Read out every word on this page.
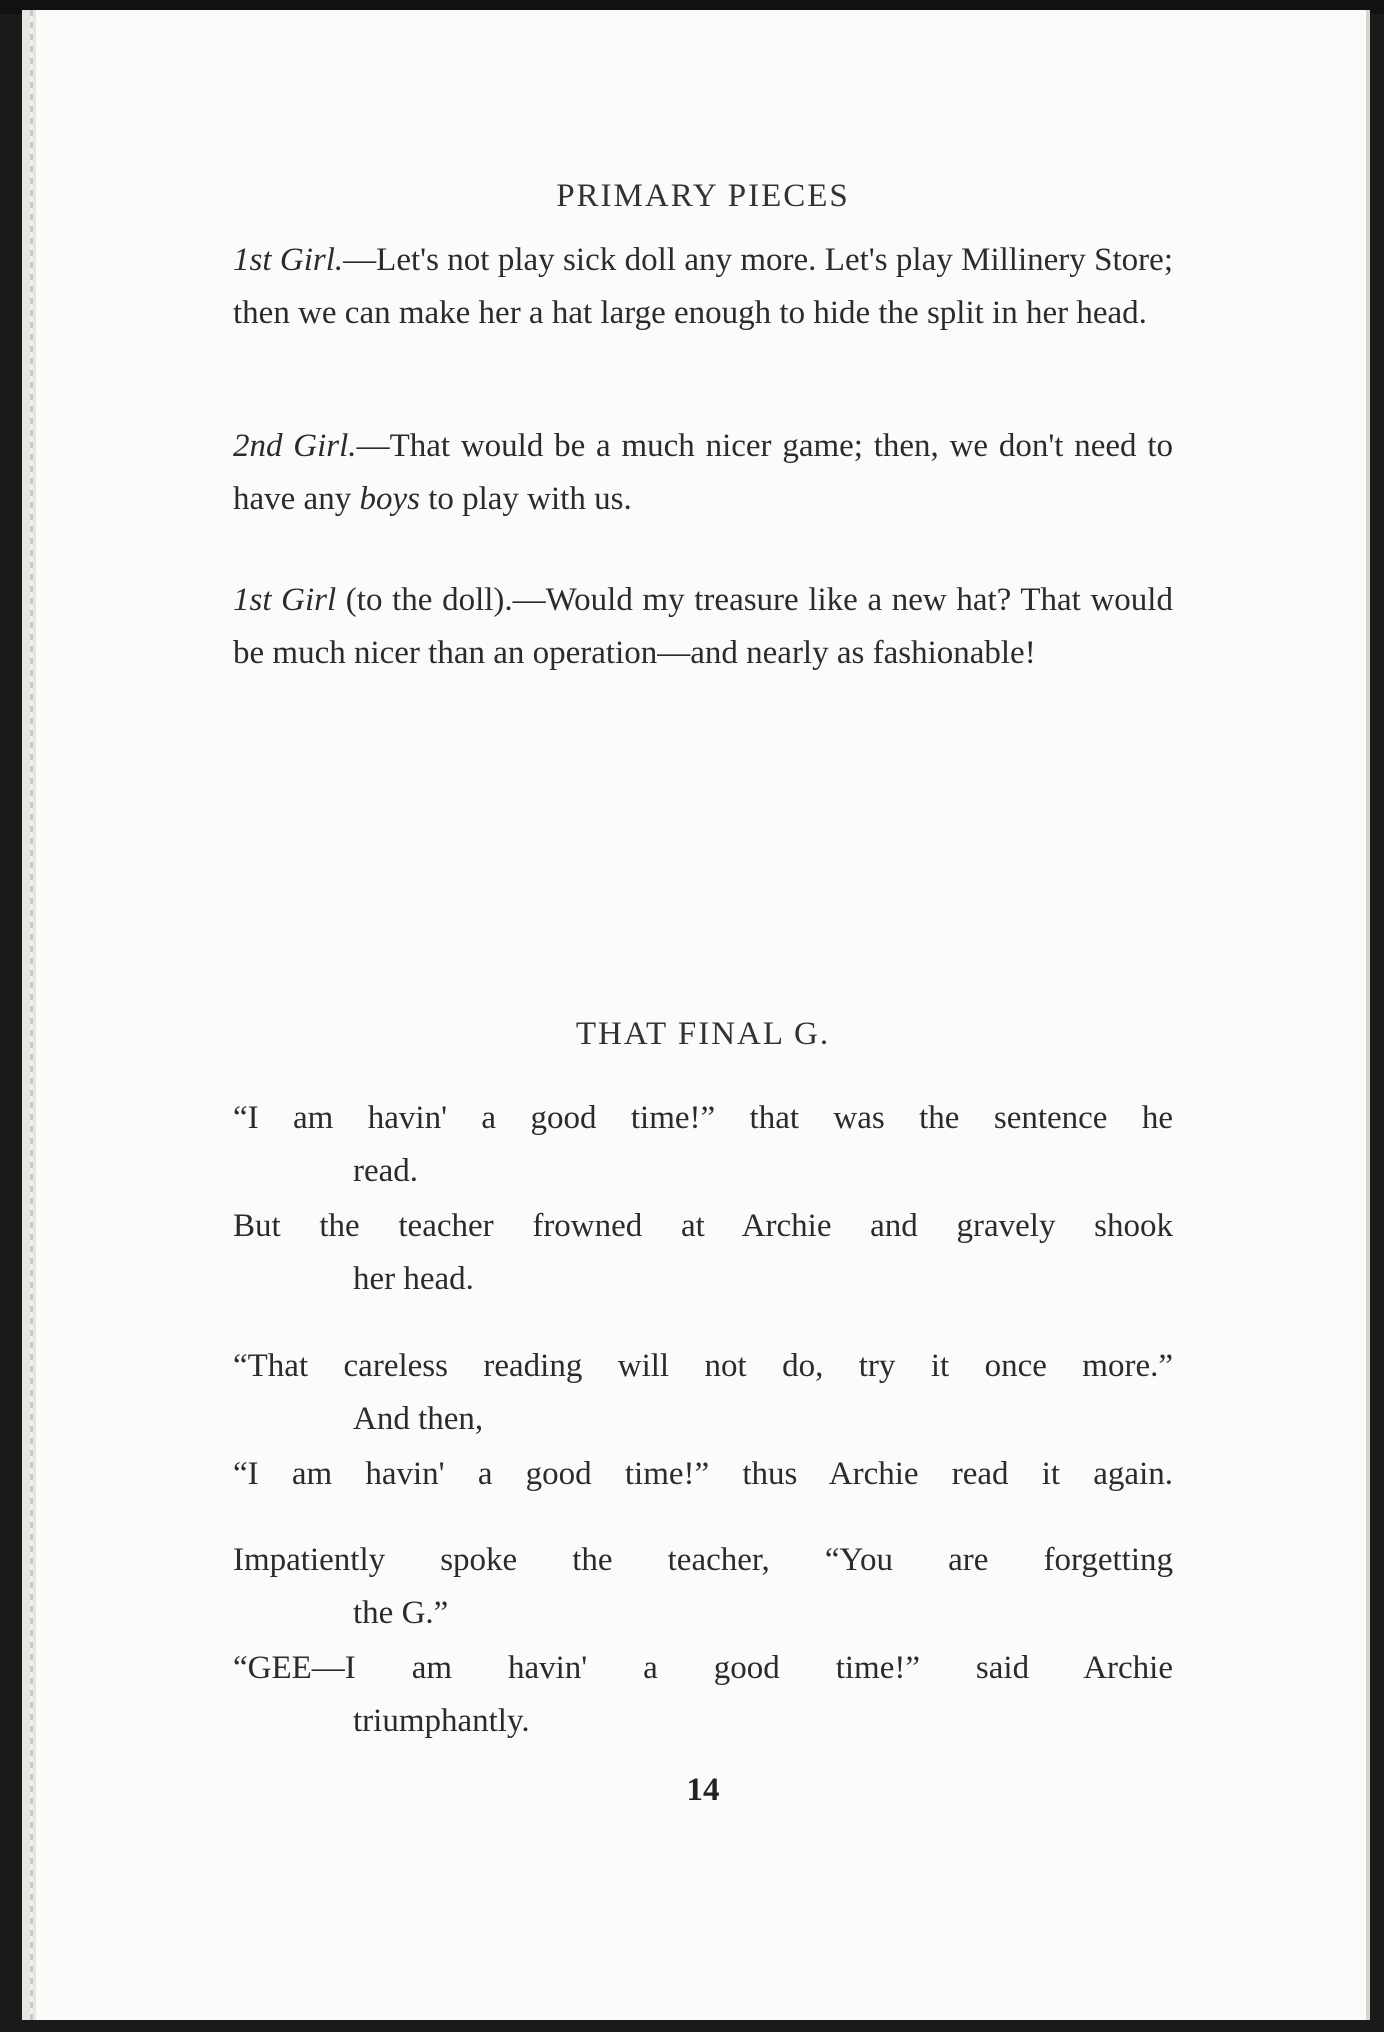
PRIMARY PIECES

1st Girl.—Let's not play sick doll any more. Let's play Millinery Store; then we can make her a hat large enough to hide the split in her head.

2nd Girl.—That would be a much nicer game; then, we don't need to have any boys to play with us.

1st Girl (to the doll).—Would my treasure like a new hat? That would be much nicer than an operation—and nearly as fashionable!

THAT FINAL G.
“I am havin' a good time!” that was the sentence he
read.
But the teacher frowned at Archie and gravely shook
her head.
“That careless reading will not do, try it once more.”
And then,
“I am havin' a good time!” thus Archie read it again.
Impatiently spoke the teacher, “You are forgetting
the G.”
“GEE—I am havin' a good time!” said Archie
triumphantly.
14
